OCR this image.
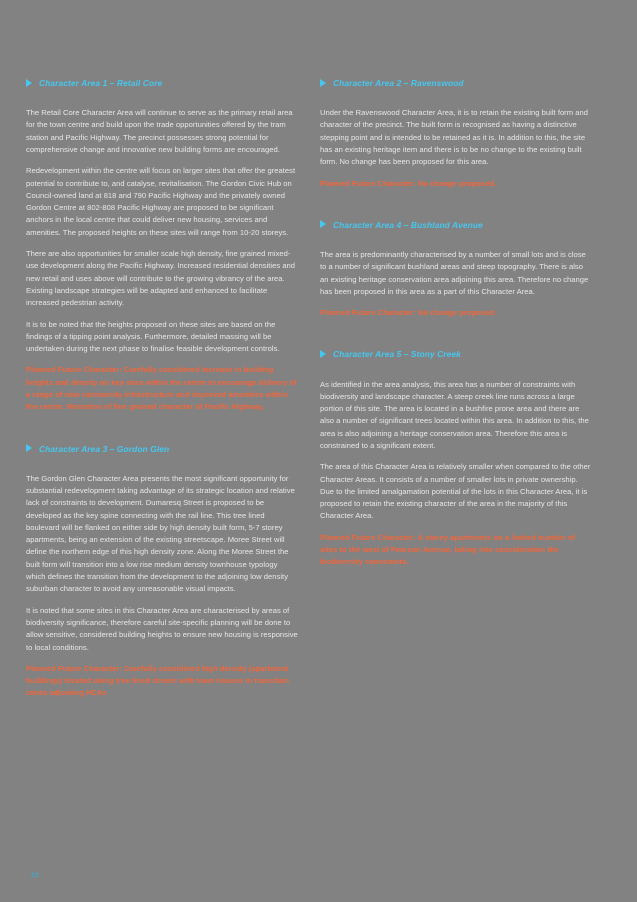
Character Area 1 – Retail Core

The Retail Core Character Area will continue to serve as the primary retail area for the town centre and build upon the trade opportunities offered by the tram station and Pacific Highway. The precinct possesses strong potential for comprehensive change and innovative new building forms are encouraged.

Redevelopment within the centre will focus on larger sites that offer the greatest potential to contribute to, and catalyse, revitalisation. The Gordon Civic Hub on Council-owned land at 818 and 790 Pacific Highway and the privately owned Gordon Centre at 802-808 Pacific Highway are proposed to be significant anchors in the local centre that could deliver new housing, services and amenities. The proposed heights on these sites will range from 10-20 storeys.

There are also opportunities for smaller scale high density, fine grained mixed-use development along the Pacific Highway. Increased residential densities and new retail and uses above will contribute to the growing vibrancy of the area. Existing landscape strategies will be adapted and enhanced to facilitate increased pedestrian activity.

It is to be noted that the heights proposed on these sites are based on the findings of a tipping point analysis. Furthermore, detailed massing will be undertaken during the next phase to finalise feasible development controls.

Planned Future Character: Carefully considered increase in building heights and density on key sites within the centre to encourage delivery of a range of new community infrastructure and improved amenities within the centre. Retention of fine grained character of Pacific Highway.

Character Area 3 – Gordon Glen

The Gordon Glen Character Area presents the most significant opportunity for substantial redevelopment taking advantage of its strategic location and relative lack of constraints to development. Dumaresq Street is proposed to be developed as the key spine connecting with the rail line. This tree lined boulevard will be flanked on either side by high density built form, 5-7 storey apartments, being an extension of the existing streetscape. Moree Street will define the northern edge of this high density zone. Along the Moree Street the built form will transition into a low rise medium density townhouse typology which defines the transition from the development to the adjoining low density suburban character to avoid any unreasonable visual impacts.

It is noted that some sites in this Character Area are characterised by areas of biodiversity significance, therefore careful site-specific planning will be done to allow sensitive, considered building heights to ensure new housing is responsive to local conditions.

Planned Future Character: Carefully considered high density (apartment buildings) located along tree lined streets with town houses in transition zones adjoining HCAs

Character Area 2 – Ravenswood

Under the Ravenswood Character Area, it is to retain the existing built form and character of the precinct. The built form is recognised as having a distinctive stepping point and is intended to be retained as it is. In addition to this, the site has an existing heritage item and there is to be no change to the existing built form. No change has been proposed for this area.

Planned Future Character: No change proposed.

Character Area 4 – Bushland Avenue

The area is predominantly characterised by a number of small lots and is close to a number of significant bushland areas and steep topography. There is also an existing heritage conservation area adjoining this area. Therefore no change has been proposed in this area as a part of this Character Area.

Planned Future Character: No change proposed.

Character Area 5 – Stony Creek

As identified in the area analysis, this area has a number of constraints with biodiversity and landscape character. A steep creek line runs across a large portion of this site. The area is located in a bushfire prone area and there are also a number of significant trees located within this area. In addition to this, the area is also adjoining a heritage conservation area. Therefore this area is constrained to a significant extent.

The area of this Character Area is relatively smaller when compared to the other Character Areas. It consists of a number of smaller lots in private ownership. Due to the limited amalgamation potential of the lots in this Character Area, it is proposed to retain the existing character of the area in the majority of this Character Area.

Planned Future Character: A storey apartments on a limited number of sites to the west of Pearson Avenue, taking into consideration the biodiversity constraints.

22
